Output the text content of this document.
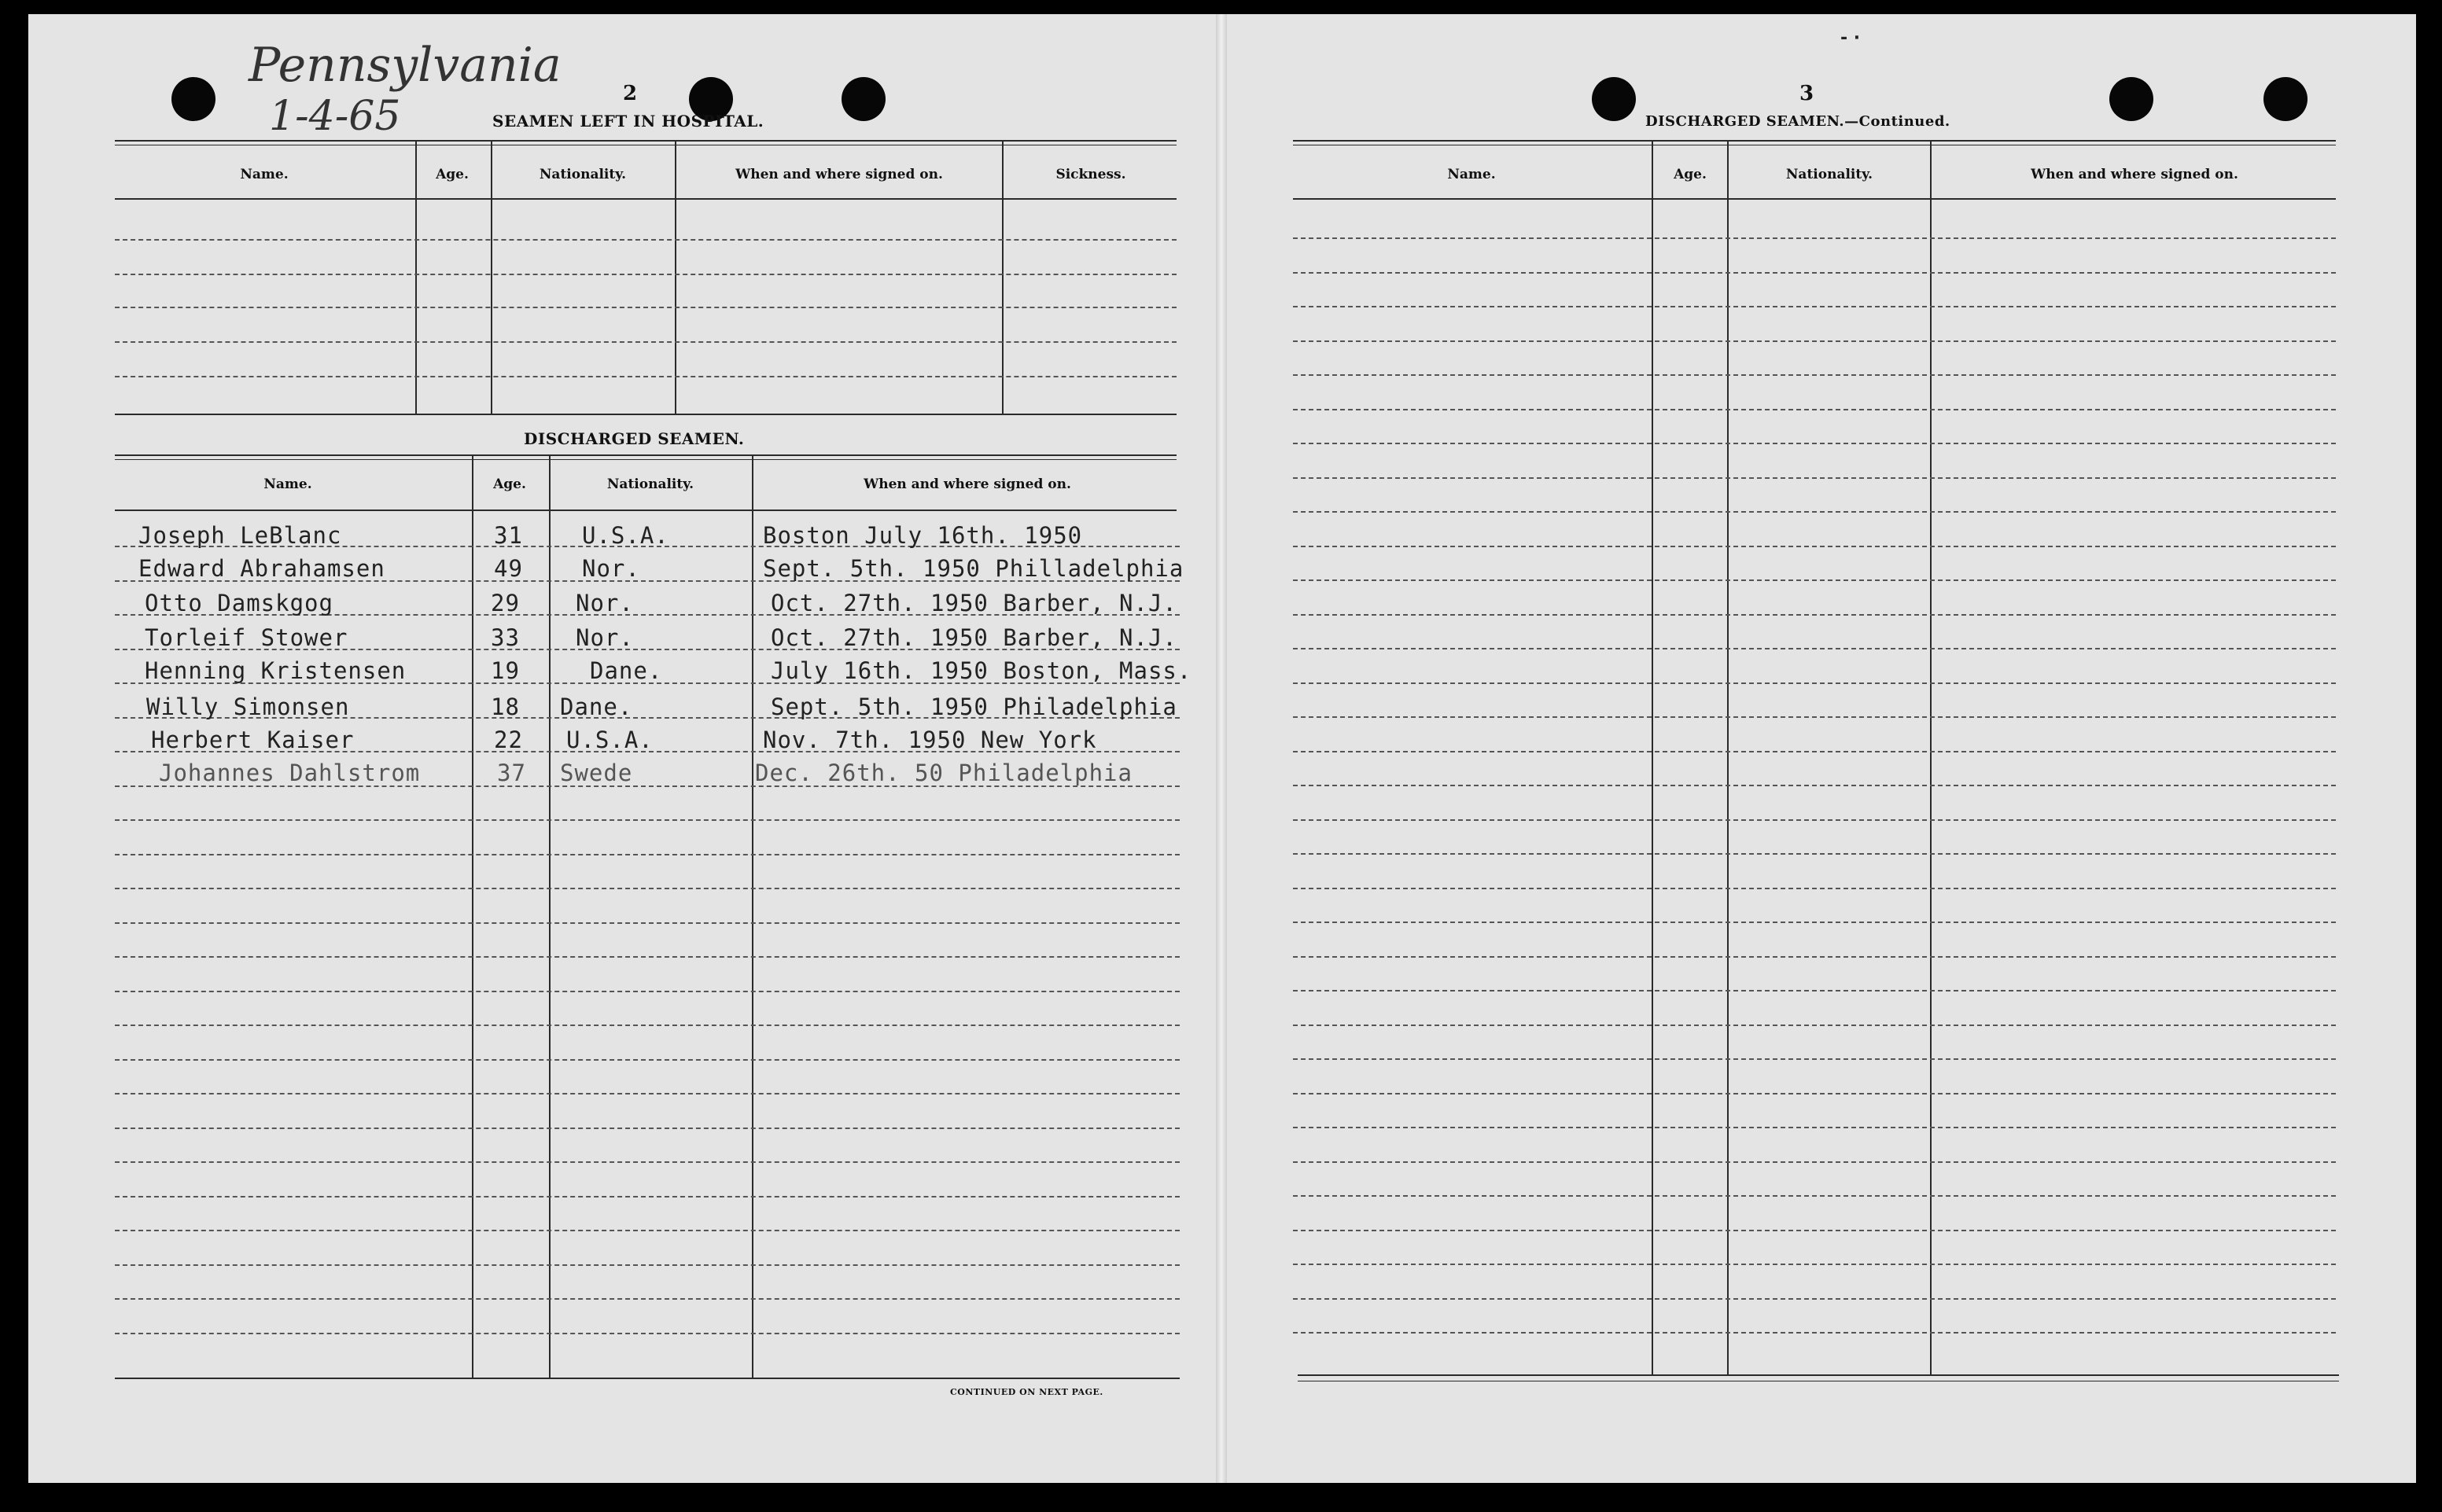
Pennsylvania
1-4-65	2
SEAMEN LEFT IN HOSPITAL.
Name.	Age.	Nationality.	When and where signed on.	Sickness.
DISCHARGED SEAMEN.
Name.	Age.	Nationality.	When and where signed on.
Joseph LeBlanc	31	U.S.A.	Boston July 16th. 1950
Edward Abrahamsen	49	Nor.	Sept. 5th. 1950 Philladelphia
Otto Damskgog	29 Nor.	Oct. 27th. 1950 Barber, N.J.
Torleif Stower	33 Nor.	Oct. 27th. 1950 Barber, N.J.
Henning Kristensen	19	Dane.	July 16th. 1950 Boston, Mass.
Willy Simonsen	18 Dane.	Sept. 5th. 1950 Philadelphia
Herbert Kaiser	22 U.S.A.	Nov. 7th. 1950 New York
Johannes Dahlstrom	37 Swede	Dec. 26th. 50 Philadelphia
CONTINUED ON NEXT PAGE.
- ·
3
DISCHARGED SEAMEN.—Continued.
Name.	Age.	Nationality.	When and where signed on.
